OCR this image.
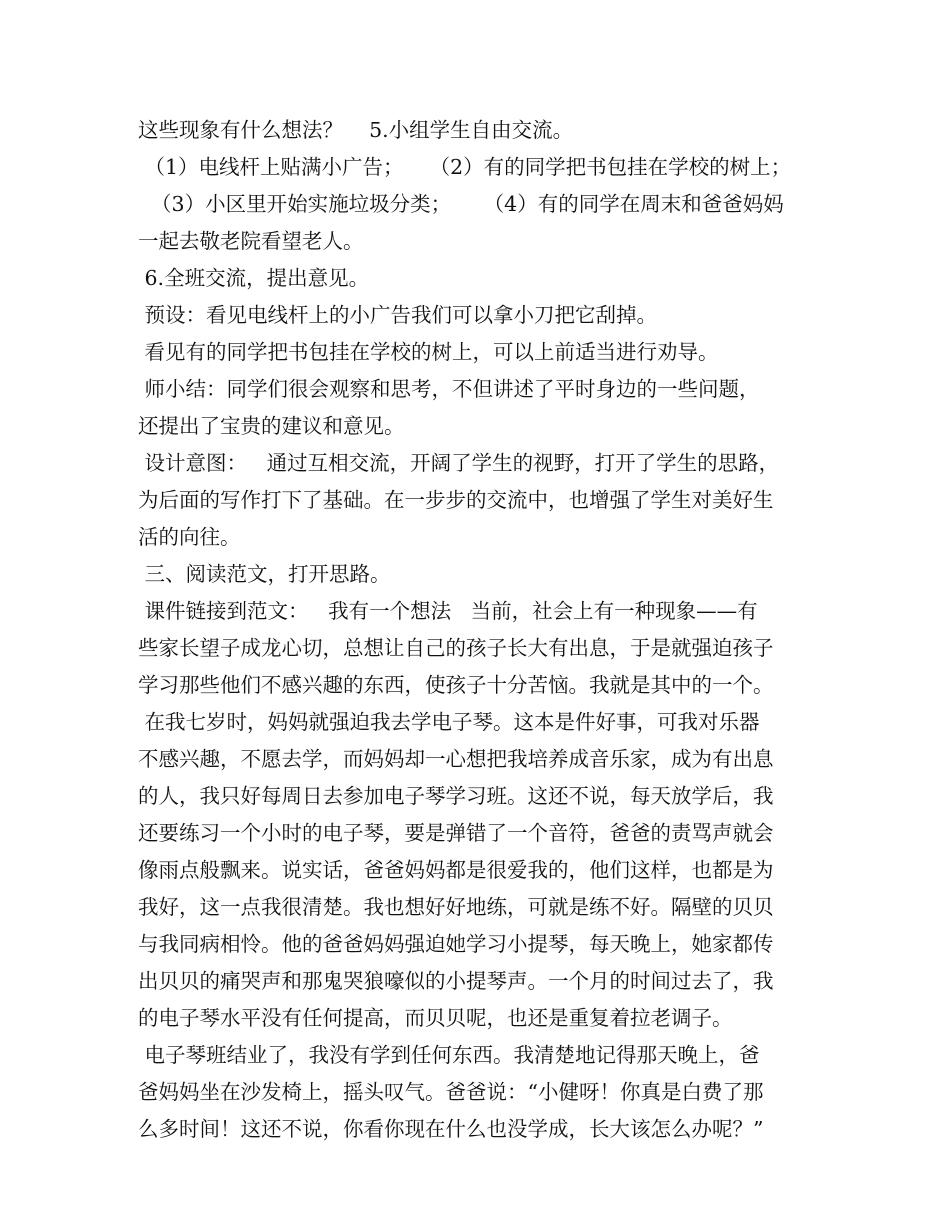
这些现象有什么想法？    5.小组学生自由交流。
（1）电线杆上贴满小广告；    （2）有的同学把书包挂在学校的树上；
（3）小区里开始实施垃圾分类；     （4）有的同学在周末和爸爸妈妈
一起去敬老院看望老人。
6.全班交流，提出意见。
预设：看见电线杆上的小广告我们可以拿小刀把它刮掉。
看见有的同学把书包挂在学校的树上，可以上前适当进行劝导。
师小结：同学们很会观察和思考，不但讲述了平时身边的一些问题，
还提出了宝贵的建议和意见。
设计意图：   通过互相交流，开阔了学生的视野，打开了学生的思路，
为后面的写作打下了基础。在一步步的交流中，也增强了学生对美好生
活的向往。
三、阅读范文，打开思路。
课件链接到范文：   我有一个想法   当前，社会上有一种现象——有
些家长望子成龙心切，总想让自己的孩子长大有出息，于是就强迫孩子
学习那些他们不感兴趣的东西，使孩子十分苦恼。我就是其中的一个。
在我七岁时，妈妈就强迫我去学电子琴。这本是件好事，可我对乐器
不感兴趣，不愿去学，而妈妈却一心想把我培养成音乐家，成为有出息
的人，我只好每周日去参加电子琴学习班。这还不说，每天放学后，我
还要练习一个小时的电子琴，要是弹错了一个音符，爸爸的责骂声就会
像雨点般飘来。说实话，爸爸妈妈都是很爱我的，他们这样，也都是为
我好，这一点我很清楚。我也想好好地练，可就是练不好。隔壁的贝贝
与我同病相怜。他的爸爸妈妈强迫她学习小提琴，每天晚上，她家都传
出贝贝的痛哭声和那鬼哭狼嚎似的小提琴声。一个月的时间过去了，我
的电子琴水平没有任何提高，而贝贝呢，也还是重复着拉老调子。
电子琴班结业了，我没有学到任何东西。我清楚地记得那天晚上，爸
爸妈妈坐在沙发椅上，摇头叹气。爸爸说：“小健呀！你真是白费了那
么多时间！这还不说，你看你现在什么也没学成，长大该怎么办呢？”
